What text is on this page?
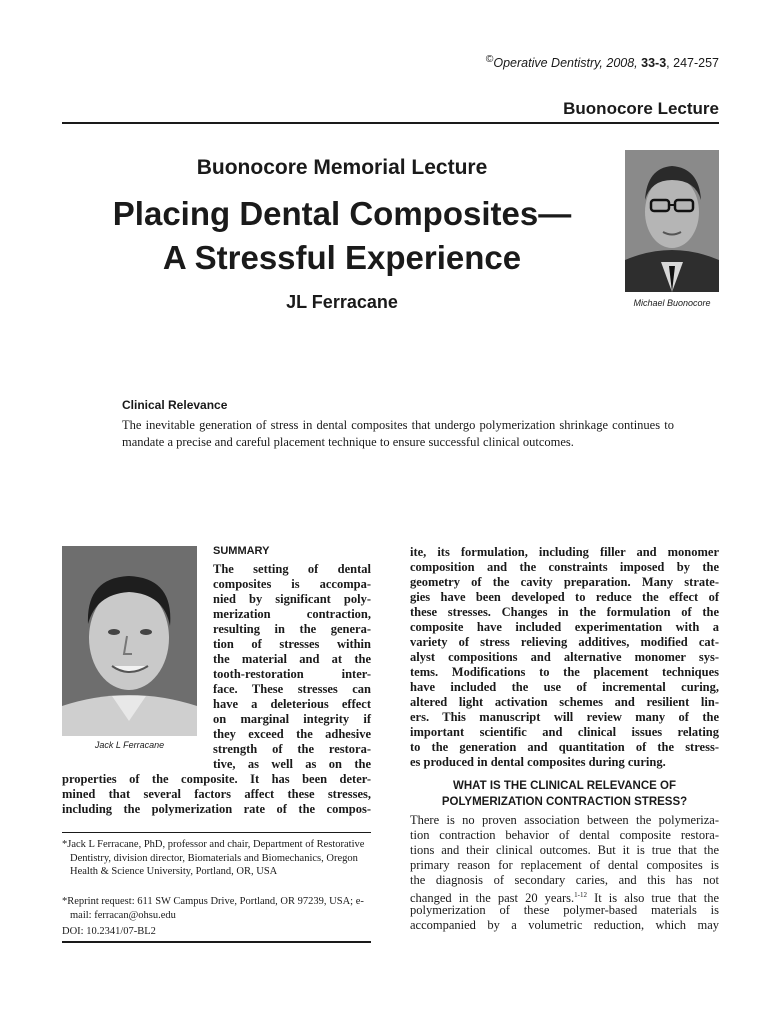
©Operative Dentistry, 2008, 33-3, 247-257
Buonocore Lecture
Buonocore Memorial Lecture
Placing Dental Composites—
A Stressful Experience
JL Ferracane	Michael Buonocore
Clinical Relevance
The inevitable generation of stress in dental composites that undergo polymerization shrinkage continues to mandate a precise and careful placement technique to ensure successful clinical outcomes.
Jack L Ferracane
SUMMARY
The setting of dental
composites is accompa-
nied by significant poly-
merization contraction,
resulting in the genera-
tion of stresses within
the material and at the
tooth-restoration inter-
face. These stresses can
have a deleterious effect
on marginal integrity if
they exceed the adhesive
strength of the restora-
tive, as well as on the
properties of the composite. It has been deter-
mined that several factors affect these stresses,
including the polymerization rate of the compos-
ite, its formulation, including filler and monomer
composition and the constraints imposed by the
geometry of the cavity preparation. Many strate-
gies have been developed to reduce the effect of
these stresses. Changes in the formulation of the
composite have included experimentation with a
variety of stress relieving additives, modified cat-
alyst compositions and alternative monomer sys-
tems. Modifications to the placement techniques
have included the use of incremental curing,
altered light activation schemes and resilient lin-
ers. This manuscript will review many of the
important scientific and clinical issues relating
to the generation and quantitation of the stress-
es produced in dental composites during curing.
*Jack L Ferracane, PhD, professor and chair, Department of Restorative Dentistry, division director, Biomaterials and Biomechanics, Oregon Health & Science University, Portland, OR, USA
*Reprint request: 611 SW Campus Drive, Portland, OR 97239, USA; e-mail: ferracan@ohsu.edu
DOI: 10.2341/07-BL2
WHAT IS THE CLINICAL RELEVANCE OF
POLYMERIZATION CONTRACTION STRESS?
There is no proven association between the polymeriza-
tion contraction behavior of dental composite restora-
tions and their clinical outcomes. But it is true that the
primary reason for replacement of dental composites is
the diagnosis of secondary caries, and this has not
changed in the past 20 years.$^{1-12}$ It is also true that the
polymerization of these polymer-based materials is
accompanied by a volumetric reduction, which may
